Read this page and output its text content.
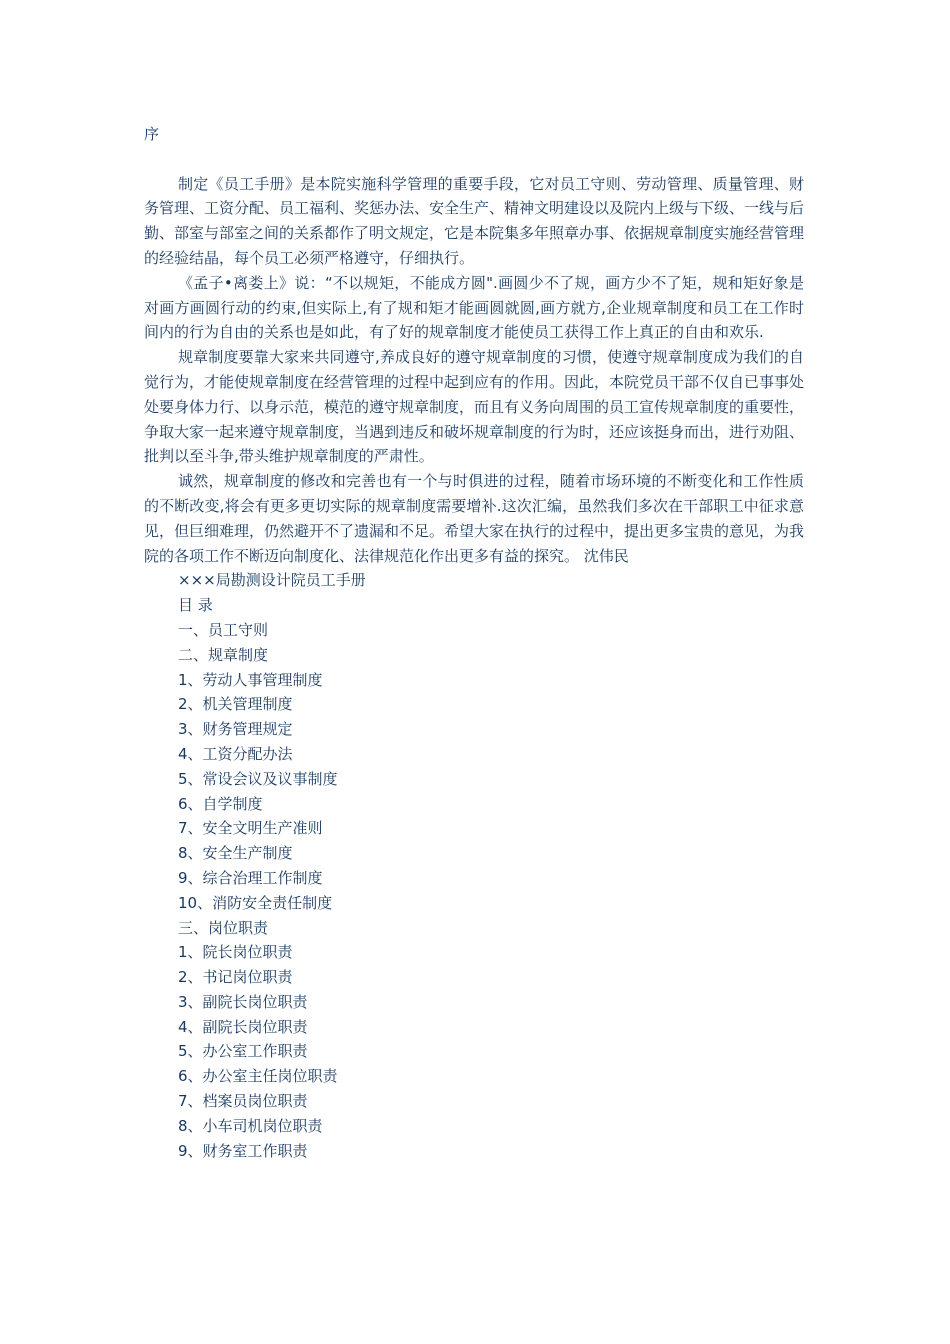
序

制定《员工手册》是本院实施科学管理的重要手段，它对员工守则、劳动管理、质量管理、财务管理、工资分配、员工福利、奖惩办法、安全生产、精神文明建设以及院内上级与下级、一线与后勤、部室与部室之间的关系都作了明文规定，它是本院集多年照章办事、依据规章制度实施经营管理的经验结晶，每个员工必须严格遵守，仔细执行。

《孟子•离娄上》说：“不以规矩，不能成方圆".画圆少不了规，画方少不了矩，规和矩好象是对画方画圆行动的约束,但实际上,有了规和矩才能画圆就圆,画方就方,企业规章制度和员工在工作时间内的行为自由的关系也是如此，有了好的规章制度才能使员工获得工作上真正的自由和欢乐.

规章制度要靠大家来共同遵守,养成良好的遵守规章制度的习惯，使遵守规章制度成为我们的自觉行为，才能使规章制度在经营管理的过程中起到应有的作用。因此，本院党员干部不仅自已事事处处要身体力行、以身示范，模范的遵守规章制度，而且有义务向周围的员工宣传规章制度的重要性，争取大家一起来遵守规章制度，当遇到违反和破坏规章制度的行为时，还应该挺身而出，进行劝阻、批判以至斗争,带头维护规章制度的严肃性。

诚然，规章制度的修改和完善也有一个与时俱进的过程，随着市场环境的不断变化和工作性质的不断改变,将会有更多更切实际的规章制度需要增补.这次汇编，虽然我们多次在干部职工中征求意见，但巨细难理，仍然避开不了遗漏和不足。希望大家在执行的过程中，提出更多宝贵的意见，为我院的各项工作不断迈向制度化、法律规范化作出更多有益的探究。 沈伟民

×××局勘测设计院员工手册

目 录

一、员工守则

二、规章制度

1、劳动人事管理制度

2、机关管理制度

3、财务管理规定

4、工资分配办法

5、常设会议及议事制度

6、自学制度

7、安全文明生产准则

8、安全生产制度

9、综合治理工作制度

10、消防安全责任制度

三、岗位职责

1、院长岗位职责

2、书记岗位职责

3、副院长岗位职责

4、副院长岗位职责

5、办公室工作职责

6、办公室主任岗位职责

7、档案员岗位职责

8、小车司机岗位职责

9、财务室工作职责
